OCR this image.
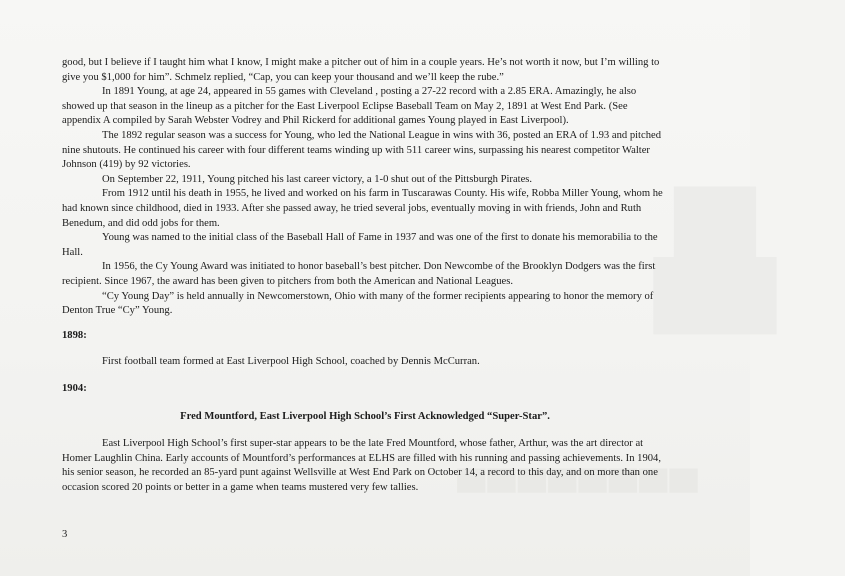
██
███
▀▀▀▀▀▀▀▀

good, but I believe if I taught him what I know, I might make a pitcher out of him in a couple years. He’s not worth it now, but I’m willing to give you $1,000 for him”. Schmelz replied, “Cap, you can keep your thousand and we’ll keep the rube.”

In 1891 Young, at age 24, appeared in 55 games with Cleveland , posting a 27-22 record with a 2.85 ERA. Amazingly, he also showed up that season in the lineup as a pitcher for the East Liverpool Eclipse Baseball Team on May 2, 1891 at West End Park. (See appendix A compiled by Sarah Webster Vodrey and Phil Rickerd for additional games Young played in East Liverpool).

The 1892 regular season was a success for Young, who led the National League in wins with 36, posted an ERA of 1.93 and pitched nine shutouts. He continued his career with four different teams winding up with 511 career wins, surpassing his nearest competitor Walter Johnson (419) by 92 victories.

On September 22, 1911, Young pitched his last career victory, a 1-0 shut out of the Pittsburgh Pirates.

From 1912 until his death in 1955, he lived and worked on his farm in Tuscarawas County. His wife, Robba Miller Young, whom he had known since childhood, died in 1933. After she passed away, he tried several jobs, eventually moving in with friends, John and Ruth Benedum, and did odd jobs for them.

Young was named to the initial class of the Baseball Hall of Fame in 1937 and was one of the first to donate his memorabilia to the Hall.

In 1956, the Cy Young Award was initiated to honor baseball’s best pitcher. Don Newcombe of the Brooklyn Dodgers was the first recipient. Since 1967, the award has been given to pitchers from both the American and National Leagues.

“Cy Young Day” is held annually in Newcomerstown, Ohio with many of the former recipients appearing to honor the memory of Denton True “Cy” Young.

1898:

First football team formed at East Liverpool High School, coached by Dennis McCurran.

1904:

Fred Mountford, East Liverpool High School’s First Acknowledged “Super-Star”.

East Liverpool High School’s first super-star appears to be the late Fred Mountford, whose father, Arthur, was the art director at Homer Laughlin China. Early accounts of Mountford’s performances at ELHS are filled with his running and passing achievements. In 1904, his senior season, he recorded an 85-yard punt against Wellsville at West End Park on October 14, a record to this day, and on more than one occasion scored 20 points or better in a game when teams mustered very few tallies.

3
